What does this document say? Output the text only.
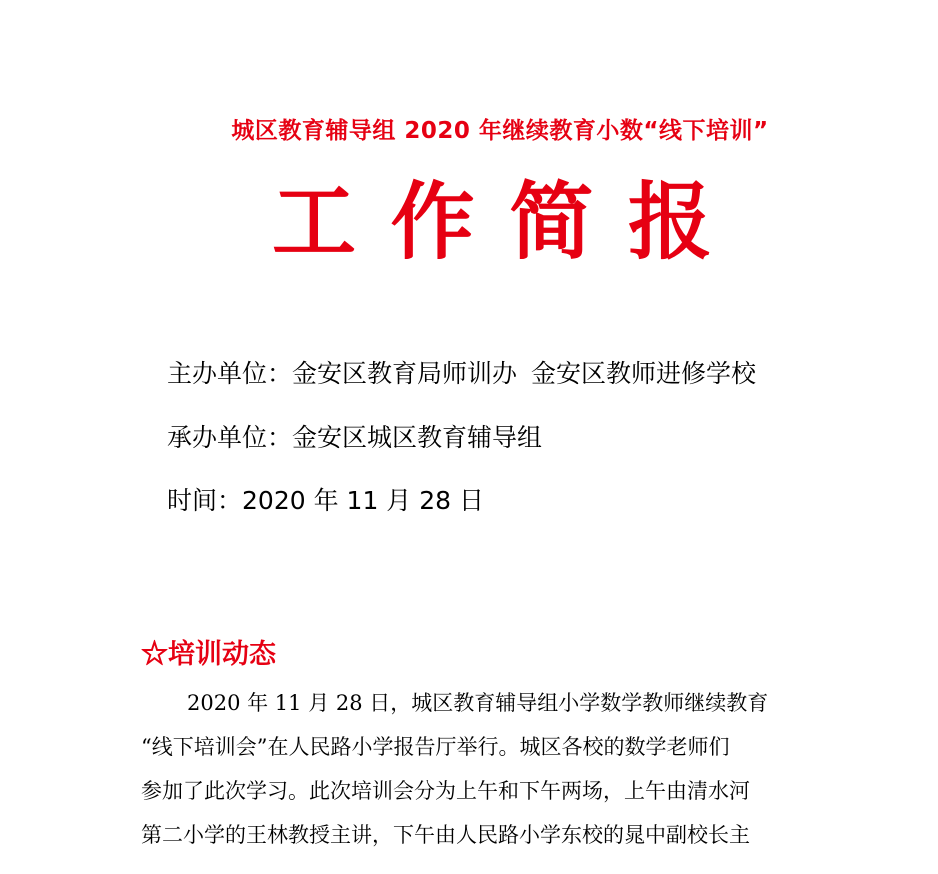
城区教育辅导组 2020 年继续教育小数“线下培训”
工 作 简 报
主办单位：金安区教育局师训办 金安区教师进修学校
承办单位：金安区城区教育辅导组
时间：2020 年 11 月 28 日
☆培训动态
2020 年 11 月 28 日，城区教育辅导组小学数学教师继续教育
“线下培训会”在人民路小学报告厅举行。城区各校的数学老师们
参加了此次学习。此次培训会分为上午和下午两场，上午由清水河
第二小学的王林教授主讲，下午由人民路小学东校的晁中副校长主
